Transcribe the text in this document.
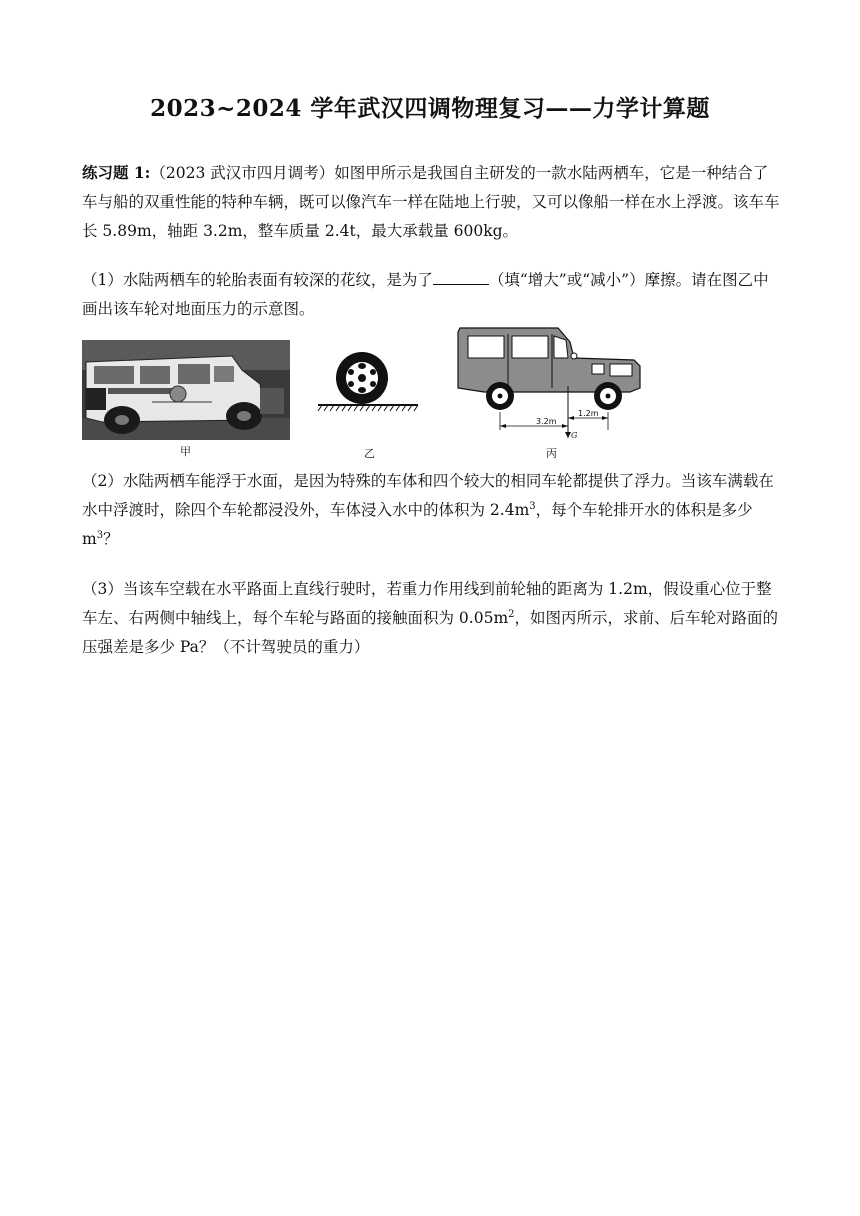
2023~2024 学年武汉四调物理复习——力学计算题
练习题 1:（2023 武汉市四月调考）如图甲所示是我国自主研发的一款水陆两栖车，它是一种结合了车与船的双重性能的特种车辆，既可以像汽车一样在陆地上行驶，又可以像船一样在水上浮渡。该车车长 5.89m，轴距 3.2m，整车质量 2.4t，最大承载量 600kg。
（1）水陆两栖车的轮胎表面有较深的花纹，是为了	（填“增大”或“减小”）摩擦。请在图乙中画出该车轮对地面压力的示意图。
甲	乙
3.2m
1.2m
G
丙
（2）水陆两栖车能浮于水面，是因为特殊的车体和四个较大的相同车轮都提供了浮力。当该车满载在水中浮渡时，除四个车轮都浸没外，车体浸入水中的体积为 $2.4m^3$，每个车轮排开水的体积是多少 $m^3$？
（3）当该车空载在水平路面上直线行驶时，若重力作用线到前轮轴的距离为 1.2m，假设重心位于整车左、右两侧中轴线上，每个车轮与路面的接触面积为 $0.05m^2$，如图丙所示，求前、后车轮对路面的压强差是多少 Pa？（不计驾驶员的重力）
